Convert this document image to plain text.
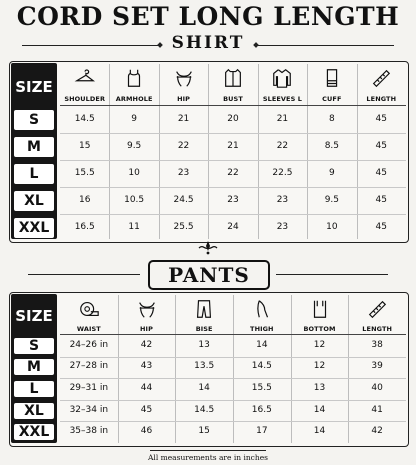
CORD SET LONG LENGTH
SHIRT
SIZE
SHOULDER	ARMHOLE	HIP	BUST	SLEEVES L	CUFF	LENGTH
S	14.5	9	21	20	21	8	45
M	15	9.5	22	21	22	8.5	45
L	15.5	10	23	22	22.5	9	45
XL	16	10.5	24.5	23	23	9.5	45
XXL	16.5	11	25.5	24	23	10	45
PANTS
SIZE
WAIST	HIP	BISE	THIGH	BOTTOM	LENGTH
S	24–26 in	42	13	14	12	38
M	27–28 in	43	13.5	14.5	12	39
L	29–31 in	44	14	15.5	13	40
XL	32–34 in	45	14.5	16.5	14	41
XXL	35–38 in	46	15	17	14	42
All measurements are in inches
